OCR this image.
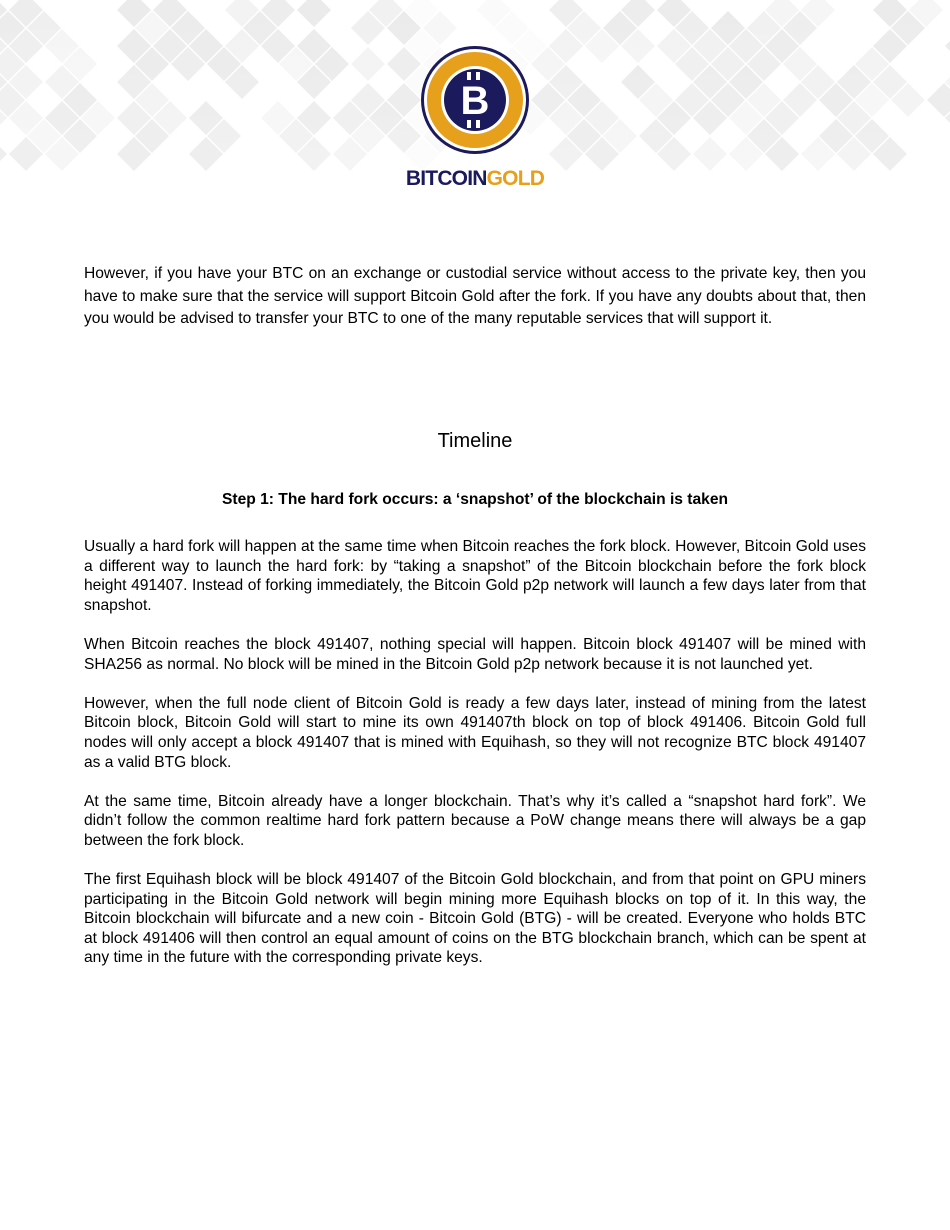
B
BITCOINGOLD

However, if you have your BTC on an exchange or custodial service without access to the private key, then you have to make sure that the service will support Bitcoin Gold after the fork. If you have any doubts about that, then you would be advised to transfer your BTC to one of the many reputable services that will support it.

Timeline
Step 1: The hard fork occurs: a ‘snapshot’ of the blockchain is taken

Usually a hard fork will happen at the same time when Bitcoin reaches the fork block. However, Bitcoin Gold uses a different way to launch the hard fork: by “taking a snapshot” of the Bitcoin blockchain before the fork block height 491407. Instead of forking immediately, the Bitcoin Gold p2p network will launch a few days later from that snapshot.

When Bitcoin reaches the block 491407, nothing special will happen. Bitcoin block 491407 will be mined with SHA256 as normal. No block will be mined in the Bitcoin Gold p2p network because it is not launched yet.

However, when the full node client of Bitcoin Gold is ready a few days later, instead of mining from the latest Bitcoin block, Bitcoin Gold will start to mine its own 491407th block on top of block 491406. Bitcoin Gold full nodes will only accept a block 491407 that is mined with Equihash, so they will not recognize BTC block 491407 as a valid BTG block.

At the same time, Bitcoin already have a longer blockchain. That’s why it’s called a “snapshot hard fork”. We didn’t follow the common realtime hard fork pattern because a PoW change means there will always be a gap between the fork block.

The first Equihash block will be block 491407 of the Bitcoin Gold blockchain, and from that point on GPU miners participating in the Bitcoin Gold network will begin mining more Equihash blocks on top of it. In this way, the Bitcoin blockchain will bifurcate and a new coin - Bitcoin Gold (BTG) - will be created. Everyone who holds BTC at block 491406 will then control an equal amount of coins on the BTG blockchain branch, which can be spent at any time in the future with the corresponding private keys.
